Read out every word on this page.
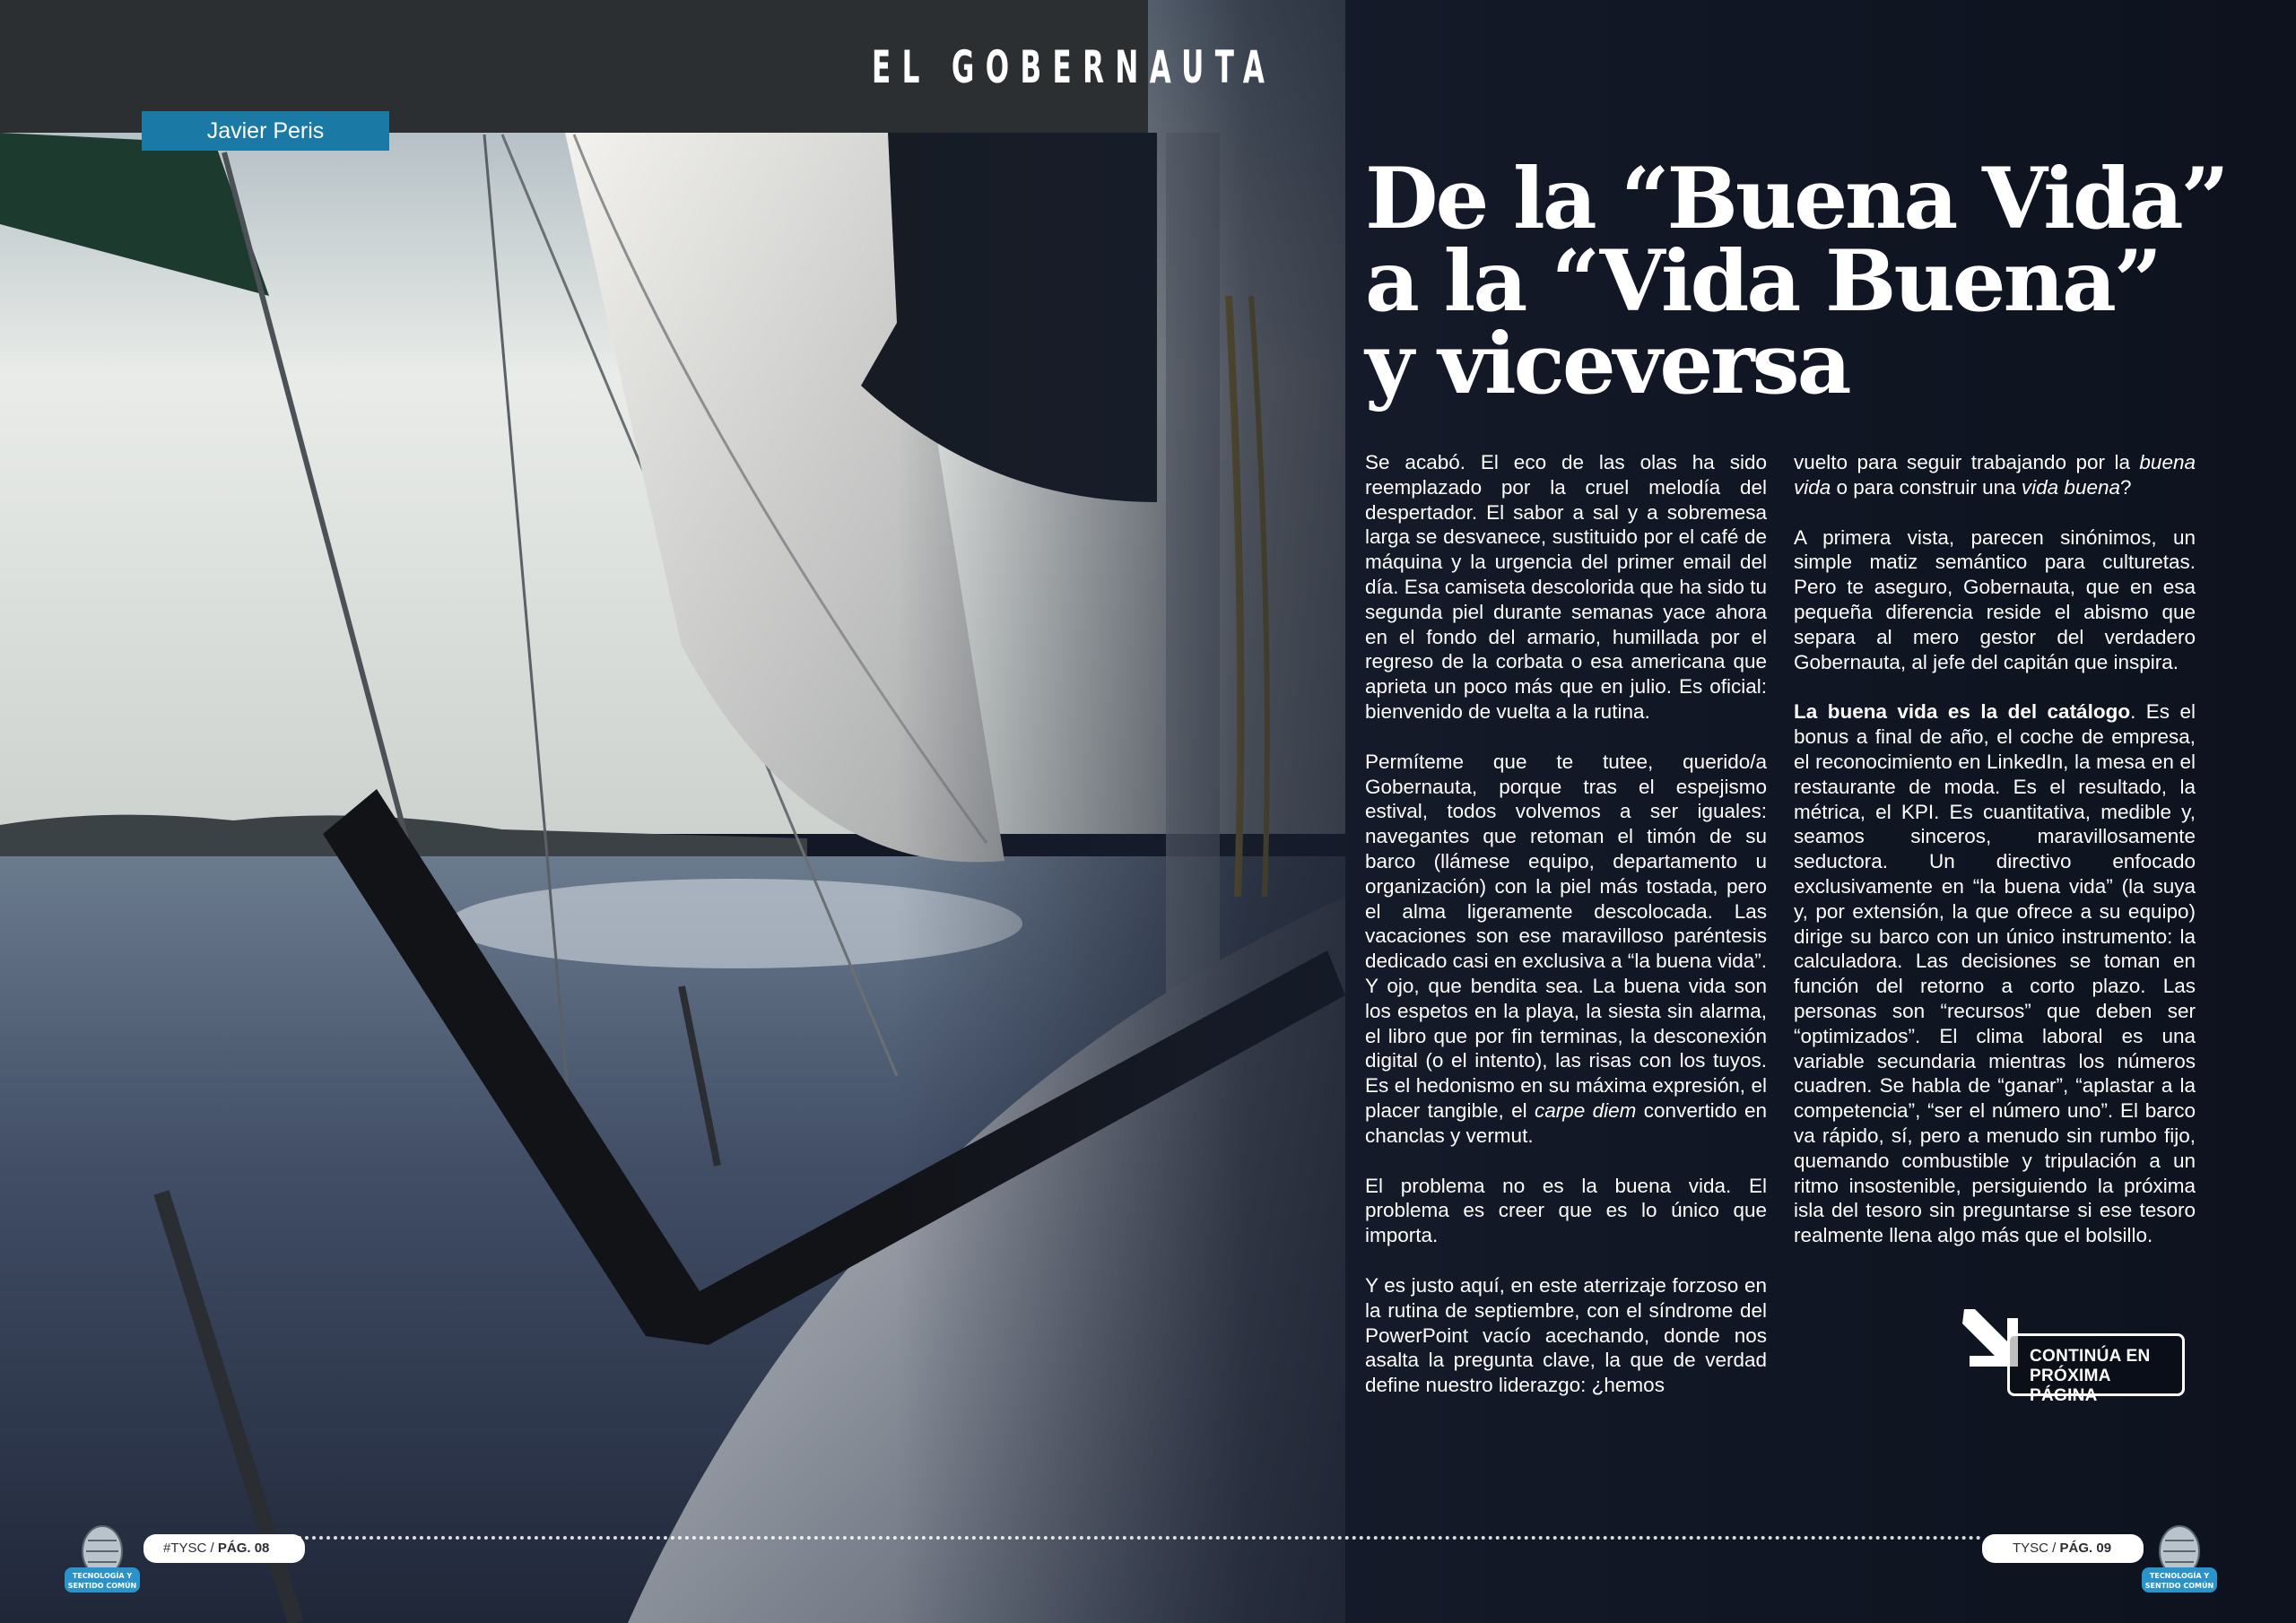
EL GOBERNAUTA
Javier Peris
De la “Buena Vida”
a la “Vida Buena”
y viceversa

Se acabó. El eco de las olas ha sido reemplazado por la cruel melodía del despertador. El sabor a sal y a sobremesa larga se desvanece, sustituido por el café de máquina y la urgencia del primer email del día. Esa camiseta descolorida que ha sido tu segunda piel durante semanas yace ahora en el fondo del armario, humillada por el regreso de la corbata o esa americana que aprieta un poco más que en julio. Es oficial: bienvenido de vuelta a la rutina.

Permíteme que te tutee, querido/a Gobernauta, porque tras el espejismo estival, todos volvemos a ser iguales: navegantes que retoman el timón de su barco (llámese equipo, departamento u organización) con la piel más tostada, pero el alma ligeramente descolocada. Las vacaciones son ese maravilloso paréntesis dedicado casi en exclusiva a “la buena vida”. Y ojo, que bendita sea. La buena vida son los espetos en la playa, la siesta sin alarma, el libro que por fin terminas, la desconexión digital (o el intento), las risas con los tuyos. Es el hedonismo en su máxima expresión, el placer tangible, el carpe diem convertido en chanclas y vermut.

El problema no es la buena vida. El problema es creer que es lo único que importa.

Y es justo aquí, en este aterrizaje forzoso en la rutina de septiembre, con el síndrome del PowerPoint vacío acechando, donde nos asalta la pregunta clave, la que de verdad define nuestro liderazgo: ¿hemos

vuelto para seguir trabajando por la buena vida o para construir una vida buena?

A primera vista, parecen sinónimos, un simple matiz semántico para culturetas. Pero te aseguro, Gobernauta, que en esa pequeña diferencia reside el abismo que separa al mero gestor del verdadero Gobernauta, al jefe del capitán que inspira.

La buena vida es la del catálogo. Es el bonus a final de año, el coche de empresa, el reconocimiento en LinkedIn, la mesa en el restaurante de moda. Es el resultado, la métrica, el KPI. Es cuantitativa, medible y, seamos sinceros, maravillosamente seductora. Un directivo enfocado exclusivamente en “la buena vida” (la suya y, por extensión, la que ofrece a su equipo) dirige su barco con un único instrumento: la calculadora. Las decisiones se toman en función del retorno a corto plazo. Las personas son “recursos” que deben ser “optimizados”. El clima laboral es una variable secundaria mientras los números cuadren. Se habla de “ganar”, “aplastar a la competencia”, “ser el número uno”. El barco va rápido, sí, pero a menudo sin rumbo fijo, quemando combustible y tripulación a un ritmo insostenible, persiguiendo la próxima isla del tesoro sin preguntarse si ese tesoro realmente llena algo más que el bolsillo.

CONTINÚA EN
PRÓXIMA PÁGINA
#TYSC / PÁG. 08	TYSC / PÁG. 09
TECNOLOGÍA Y
SENTIDO COMÚN
TECNOLOGÍA Y
SENTIDO COMÚN
